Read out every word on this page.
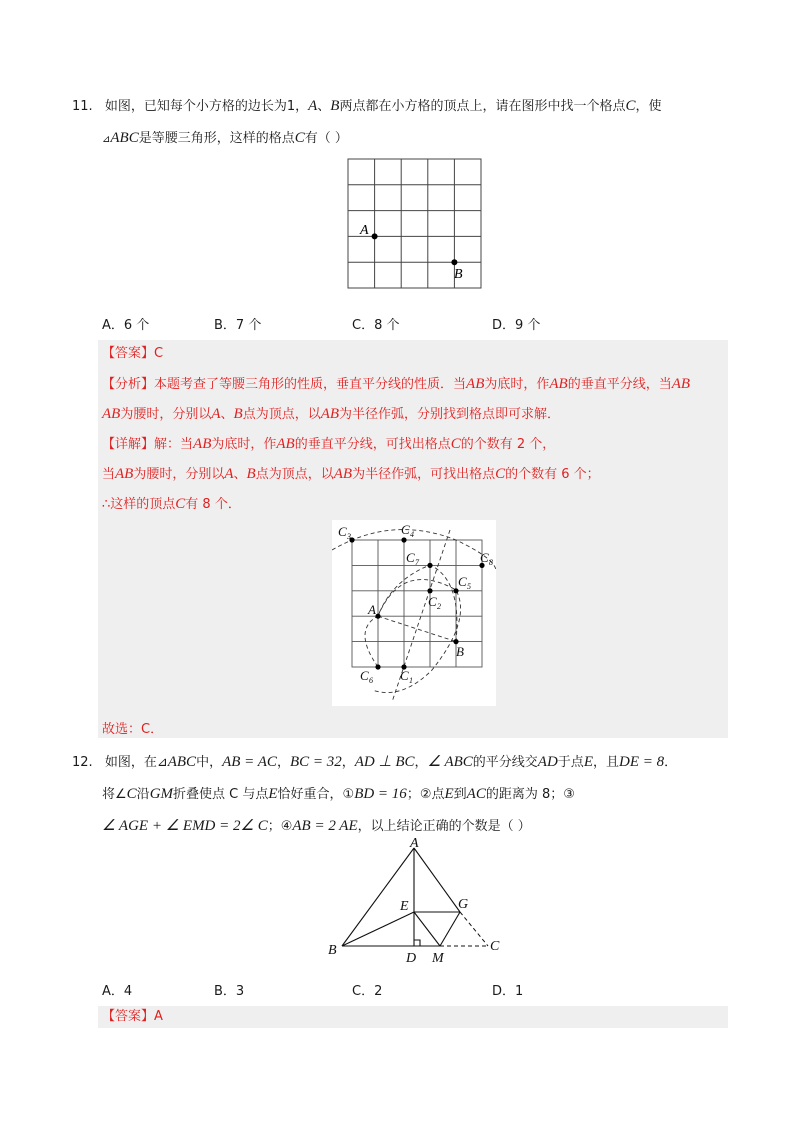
11. 如图，已知每个小方格的边长为1，A、B两点都在小方格的顶点上，请在图形中找一个格点C，使
⊿ABC是等腰三角形，这样的格点C有（ ）
A
B
A．6 个	B．7 个	C．8 个	D．9 个
【答案】C
【分析】本题考查了等腰三角形的性质，垂直平分线的性质．当AB为底时，作AB的垂直平分线，当AB
AB为腰时，分别以A、B点为顶点，以AB为半径作弧，分别找到格点即可求解．
【详解】解：当AB为底时，作AB的垂直平分线，可找出格点C的个数有 2 个，
当AB为腰时，分别以A、B点为顶点，以AB为半径作弧，可找出格点C的个数有 6 个；
∴这样的顶点C有 8 个．
A
B
C 3	C 4
C 7	C 8
C 5
C 2
C 6 C 1
故选：C．
12. 如图，在⊿ABC中，AB = AC，BC = 32，AD ⊥ BC，∠ ABC的平分线交AD于点E，且DE = 8．
将∠C沿GM折叠使点 C 与点E恰好重合，①BD = 16；②点E到AC的距离为 8；③
∠ AGE + ∠ EMD = 2∠ C；④AB = 2 AE，以上结论正确的个数是（ ）
A
B	C
D
E	G
M
A．4	B．3	C．2	D．1
【答案】A
